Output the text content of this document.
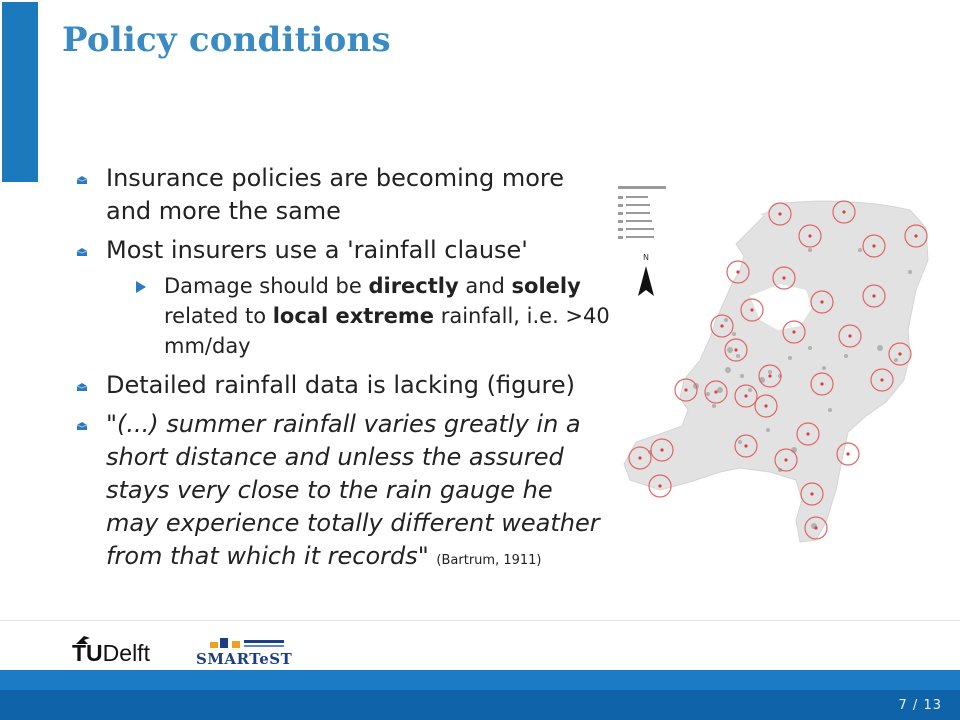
Policy conditions
Insurance policies are becoming more and more the same
Most insurers use a 'rainfall clause'
Damage should be directly and solely related to local extreme rainfall, i.e. >40 mm/day
Detailed rainfall data is lacking (figure)
"(...) summer rainfall varies greatly in a short distance and unless the assured stays very close to the rain gauge he may experience totally different weather from that which it records" (Bartrum, 1911)
N
TUDelft	SMARTeST
7 / 13
